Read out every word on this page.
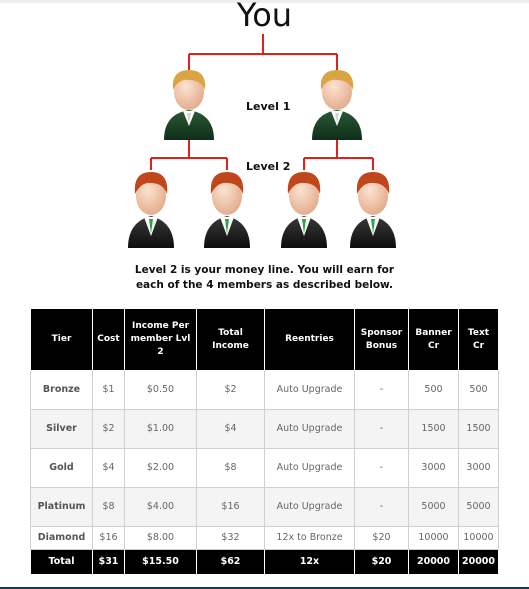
You
Level 1
Level 2
Level 2 is your money line. You will earn for
each of the 4 members as described below.
Tier	Cost	Income Per member Lvl 2	Total Income	Reentries	Sponsor Bonus	Banner Cr	Text Cr
Bronze	$1	$0.50	$2	Auto Upgrade	-	500	500
Silver	$2	$1.00	$4	Auto Upgrade	-	1500	1500
Gold	$4	$2.00	$8	Auto Upgrade	-	3000	3000
Platinum	$8	$4.00	$16	Auto Upgrade	-	5000	5000
Diamond	$16	$8.00	$32	12x to Bronze	$20	10000	10000
Total	$31	$15.50	$62	12x	$20	20000	20000
